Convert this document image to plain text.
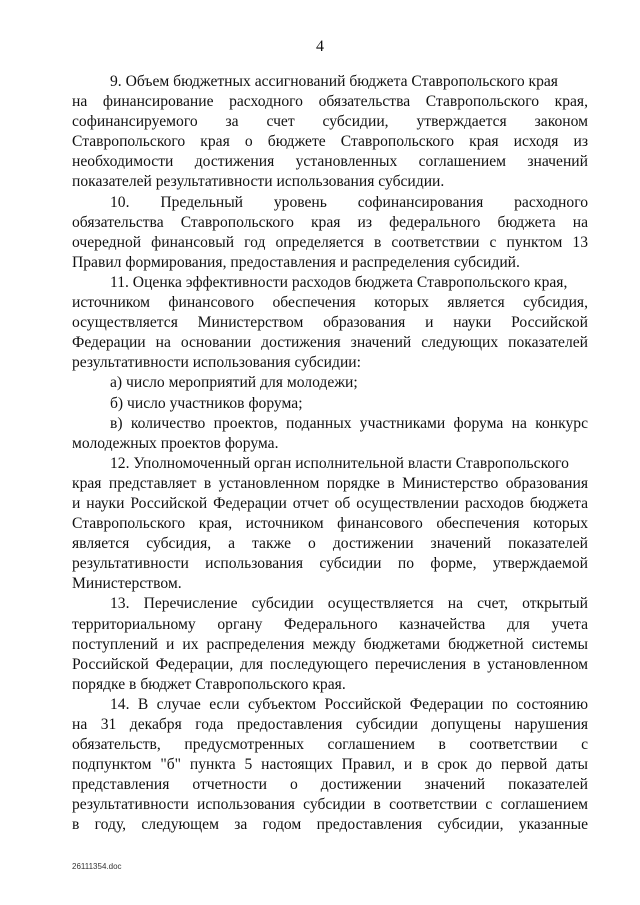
4
9. Объем бюджетных ассигнований бюджета Ставропольского края
на финансирование расходного обязательства Ставропольского края,
софинансируемого за счет субсидии, утверждается законом
Ставропольского края о бюджете Ставропольского края исходя из
необходимости достижения установленных соглашением значений
показателей результативности использования субсидии.
10. Предельный уровень софинансирования расходного
обязательства Ставропольского края из федерального бюджета на
очередной финансовый год определяется в соответствии с пунктом 13
Правил формирования, предоставления и распределения субсидий.
11. Оценка эффективности расходов бюджета Ставропольского края,
источником финансового обеспечения которых является субсидия,
осуществляется Министерством образования и науки Российской
Федерации на основании достижения значений следующих показателей
результативности использования субсидии:
а) число мероприятий для молодежи;
б) число участников форума;
в) количество проектов, поданных участниками форума на конкурс
молодежных проектов форума.
12. Уполномоченный орган исполнительной власти Ставропольского
края представляет в установленном порядке в Министерство образования
и науки Российской Федерации отчет об осуществлении расходов бюджета
Ставропольского края, источником финансового обеспечения которых
является субсидия, а также о достижении значений показателей
результативности использования субсидии по форме, утверждаемой
Министерством.
13. Перечисление субсидии осуществляется на счет, открытый
территориальному органу Федерального казначейства для учета
поступлений и их распределения между бюджетами бюджетной системы
Российской Федерации, для последующего перечисления в установленном
порядке в бюджет Ставропольского края.
14. В случае если субъектом Российской Федерации по состоянию
на 31 декабря года предоставления субсидии допущены нарушения
обязательств, предусмотренных соглашением в соответствии с
подпунктом "б" пункта 5 настоящих Правил, и в срок до первой даты
представления отчетности о достижении значений показателей
результативности использования субсидии в соответствии с соглашением
в году, следующем за годом предоставления субсидии, указанные
26111354.doc
